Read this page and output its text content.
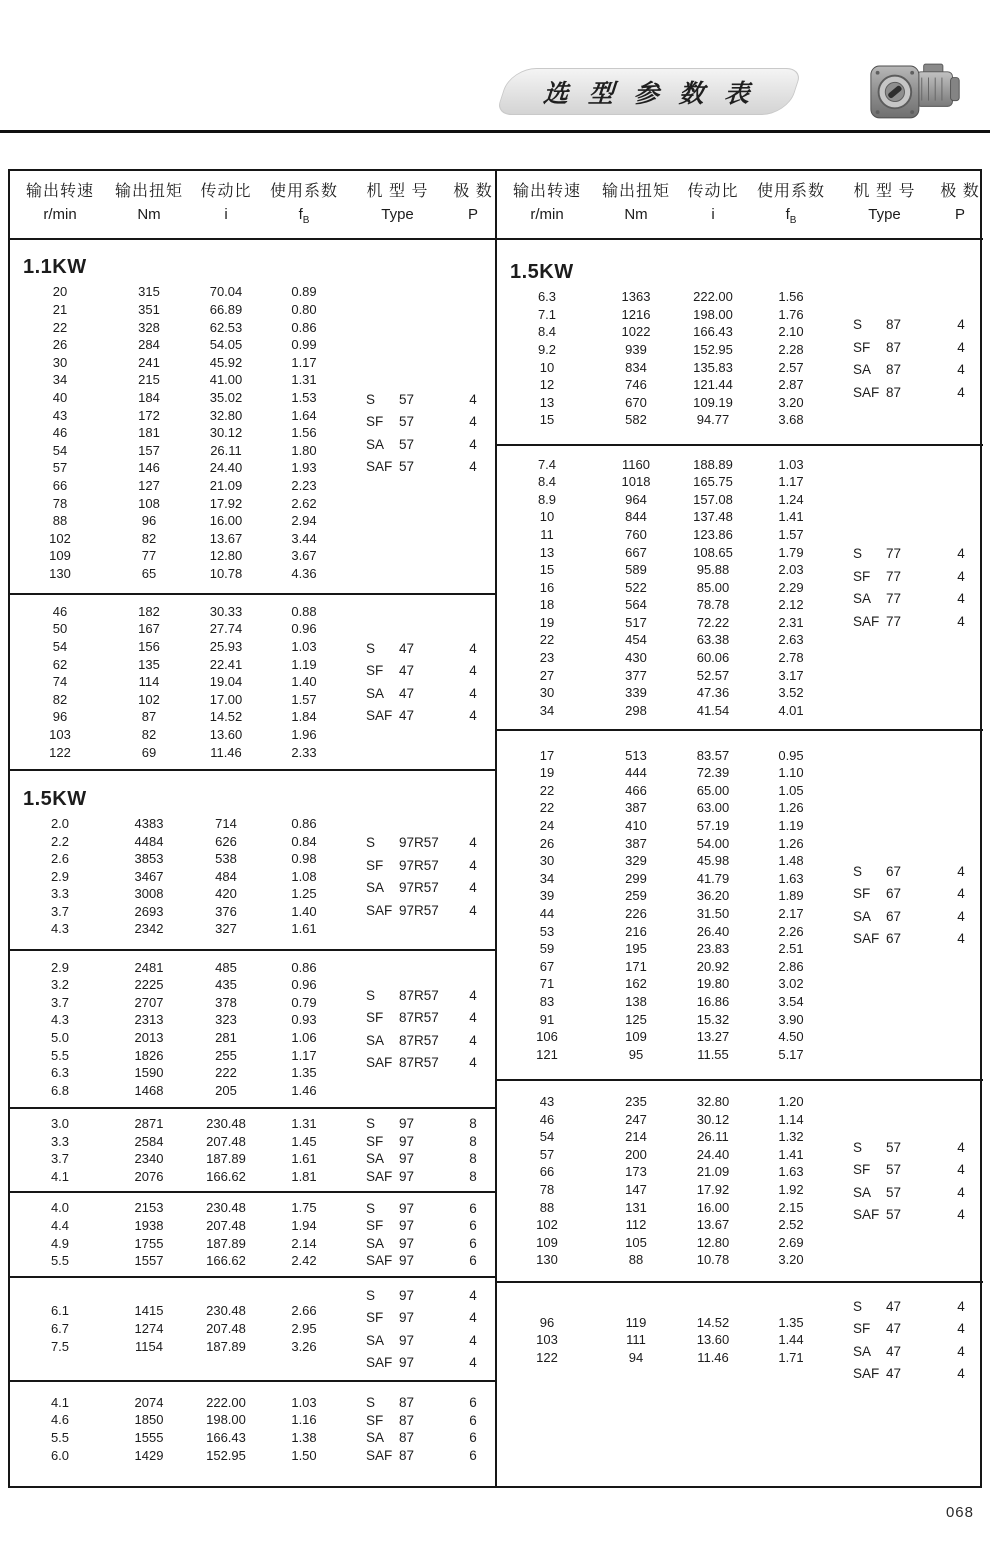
选 型 参 数 表
输出转速
r/min
输出扭矩
Nm
传动比
i
使用系数
$f_B$
机 型 号
Type
极 数
P
1.1KW
20	315	70.04	0.89
21	351	66.89	0.80
22	328	62.53	0.86
26	284	54.05	0.99
30	241	45.92	1.17
34	215	41.00	1.31
40	184	35.02	1.53
43	172	32.80	1.64
46	181	30.12	1.56
54	157	26.11	1.80
57	146	24.40	1.93
66	127	21.09	2.23
78	108	17.92	2.62
88	96	16.00	2.94
102	82	13.67	3.44
109	77	12.80	3.67
130	65	10.78	4.36
S	57	4
SF	57	4
SA	57	4
SAF 57	4
46	182	30.33	0.88
50	167	27.74	0.96
54	156	25.93	1.03
62	135	22.41	1.19
74	114	19.04	1.40
82	102	17.00	1.57
96	87	14.52	1.84
103	82	13.60	1.96
122	69	11.46	2.33
S	47	4
SF	47	4
SA	47	4
SAF 47	4
1.5KW
2.0	4383	714	0.86
2.2	4484	626	0.84
2.6	3853	538	0.98
2.9	3467	484	1.08
3.3	3008	420	1.25
3.7	2693	376	1.40
4.3	2342	327	1.61
S	97R57	4
SF	97R57	4
SA	97R57	4
SAF 97R57	4
2.9	2481	485	0.86
3.2	2225	435	0.96
3.7	2707	378	0.79
4.3	2313	323	0.93
5.0	2013	281	1.06
5.5	1826	255	1.17
6.3	1590	222	1.35
6.8	1468	205	1.46
S	87R57	4
SF	87R57	4
SA	87R57	4
SAF 87R57	4
3.0	2871	230.48	1.31
3.3	2584	207.48	1.45
3.7	2340	187.89	1.61
4.1	2076	166.62	1.81
S	97	8
SF	97	8
SA	97	8
SAF 97	8
4.0	2153	230.48	1.75
4.4	1938	207.48	1.94
4.9	1755	187.89	2.14
5.5	1557	166.62	2.42
S	97	6
SF	97	6
SA	97	6
SAF 97	6
6.1	1415	230.48	2.66
6.7	1274	207.48	2.95
7.5	1154	187.89	3.26
S	97	4
SF	97	4
SA	97	4
SAF 97	4
4.1	2074	222.00	1.03
4.6	1850	198.00	1.16
5.5	1555	166.43	1.38
6.0	1429	152.95	1.50
S	87	6
SF	87	6
SA	87	6
SAF 87	6
输出转速
r/min
输出扭矩
Nm
传动比
i
使用系数
$f_B$
机 型 号
Type
极 数
P
1.5KW
6.3	1363	222.00	1.56
7.1	1216	198.00	1.76
8.4	1022	166.43	2.10
9.2	939	152.95	2.28
10	834	135.83	2.57
12	746	121.44	2.87
13	670	109.19	3.20
15	582	94.77	3.68
S	87	4
SF	87	4
SA	87	4
SAF 87	4
7.4	1160	188.89	1.03
8.4	1018	165.75	1.17
8.9	964	157.08	1.24
10	844	137.48	1.41
11	760	123.86	1.57
13	667	108.65	1.79
15	589	95.88	2.03
16	522	85.00	2.29
18	564	78.78	2.12
19	517	72.22	2.31
22	454	63.38	2.63
23	430	60.06	2.78
27	377	52.57	3.17
30	339	47.36	3.52
34	298	41.54	4.01
S	77	4
SF	77	4
SA	77	4
SAF 77	4
17	513	83.57	0.95
19	444	72.39	1.10
22	466	65.00	1.05
22	387	63.00	1.26
24	410	57.19	1.19
26	387	54.00	1.26
30	329	45.98	1.48
34	299	41.79	1.63
39	259	36.20	1.89
44	226	31.50	2.17
53	216	26.40	2.26
59	195	23.83	2.51
67	171	20.92	2.86
71	162	19.80	3.02
83	138	16.86	3.54
91	125	15.32	3.90
106	109	13.27	4.50
121	95	11.55	5.17
S	67	4
SF	67	4
SA	67	4
SAF 67	4
43	235	32.80	1.20
46	247	30.12	1.14
54	214	26.11	1.32
57	200	24.40	1.41
66	173	21.09	1.63
78	147	17.92	1.92
88	131	16.00	2.15
102	112	13.67	2.52
109	105	12.80	2.69
130	88	10.78	3.20
S	57	4
SF	57	4
SA	57	4
SAF 57	4
96	119	14.52	1.35
103	111	13.60	1.44
122	94	11.46	1.71
S	47	4
SF	47	4
SA	47	4
SAF 47	4
068
